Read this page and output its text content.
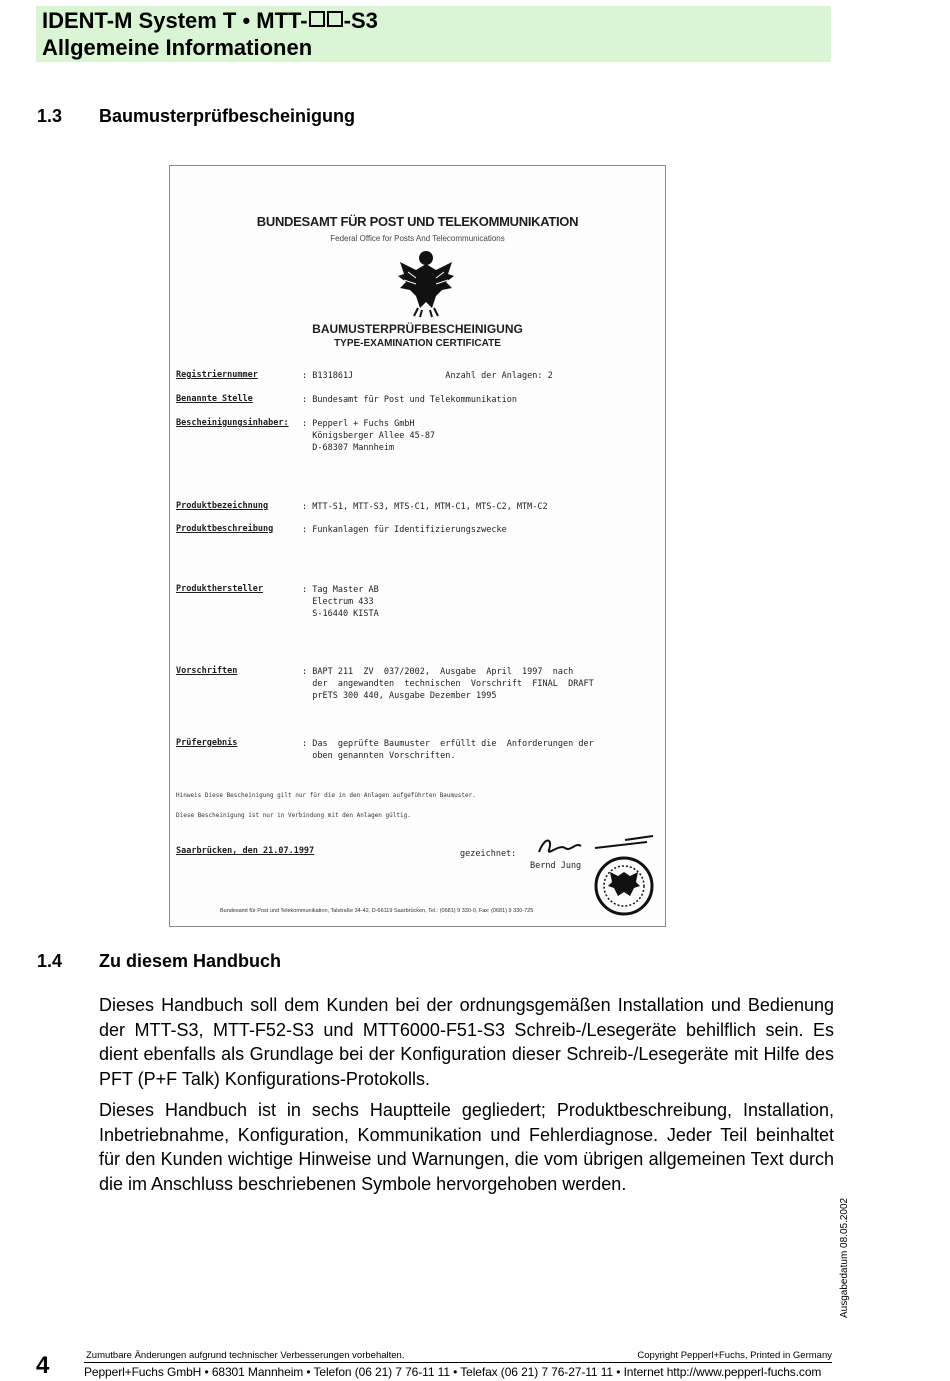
IDENT-M System T • MTT- -S3
Allgemeine Informationen
1.3 Baumusterprüfbescheinigung
BUNDESAMT FÜR POST UND TELEKOMMUNIKATION
Federal Office for Posts And Telecommunications
BAUMUSTERPRÜFBESCHEINIGUNG
TYPE-EXAMINATION CERTIFICATE
Registriernummer	: B131861J                  Anzahl der Anlagen: 2
Benannte Stelle	: Bundesamt für Post und Telekommunikation
Bescheinigungsinhaber: : Pepperl + Fuchs GmbH
Königsberger Allee 45-87
D-68307 Mannheim
Produktbezeichnung	: MTT-S1, MTT-S3, MTS-C1, MTM-C1, MTS-C2, MTM-C2
Produktbeschreibung	: Funkanlagen für Identifizierungszwecke
Produkthersteller	: Tag Master AB
Electrum 433
S-16440 KISTA
Vorschriften	: BAPT 211  ZV  037/2002,  Ausgabe  April  1997  nach
der  angewandten  technischen  Vorschrift  FINAL  DRAFT
prETS 300 440, Ausgabe Dezember 1995
Prüfergebnis	: Das  geprüfte Baumuster  erfüllt die  Anforderungen der
oben genannten Vorschriften.
Hinweis Diese Bescheinigung gilt nur für die in den Anlagen aufgeführten Baumuster.
Diese Bescheinigung ist nur in Verbindung mit den Anlagen gültig.
Saarbrücken, den 21.07.1997	gezeichnet:
Bernd Jung
Bundesamt für Post und Telekommunikation, Talstraße 34-42, D-66119 Saarbrücken, Tel.: (0681) 9 330-0, Fax: (0681) 9 330-725
1.4 Zu diesem Handbuch
Dieses Handbuch soll dem Kunden bei der ordnungsgemäßen Installation und Bedienung der MTT-S3, MTT-F52-S3 und MTT6000-F51-S3 Schreib-/Lesegeräte behilflich sein. Es dient ebenfalls als Grundlage bei der Konfiguration dieser Schreib-/Lesegeräte mit Hilfe des PFT (P+F Talk) Konfigurations-Protokolls.
Dieses Handbuch ist in sechs Hauptteile gegliedert; Produktbeschreibung, Installation, Inbetriebnahme, Konfiguration, Kommunikation und Fehlerdiagnose. Jeder Teil beinhaltet für den Kunden wichtige Hinweise und Warnungen, die vom übrigen allgemeinen Text durch die im Anschluss beschriebenen Symbole hervorgehoben werden.
Ausgabedatum 08.05.2002
4	Zumutbare Änderungen aufgrund technischer Verbesserungen vorbehalten.	Copyright Pepperl+Fuchs, Printed in Germany
Pepperl+Fuchs GmbH • 68301 Mannheim • Telefon (06 21) 7 76-11 11 • Telefax (06 21) 7 76-27-11 11 • Internet http://www.pepperl-fuchs.com
